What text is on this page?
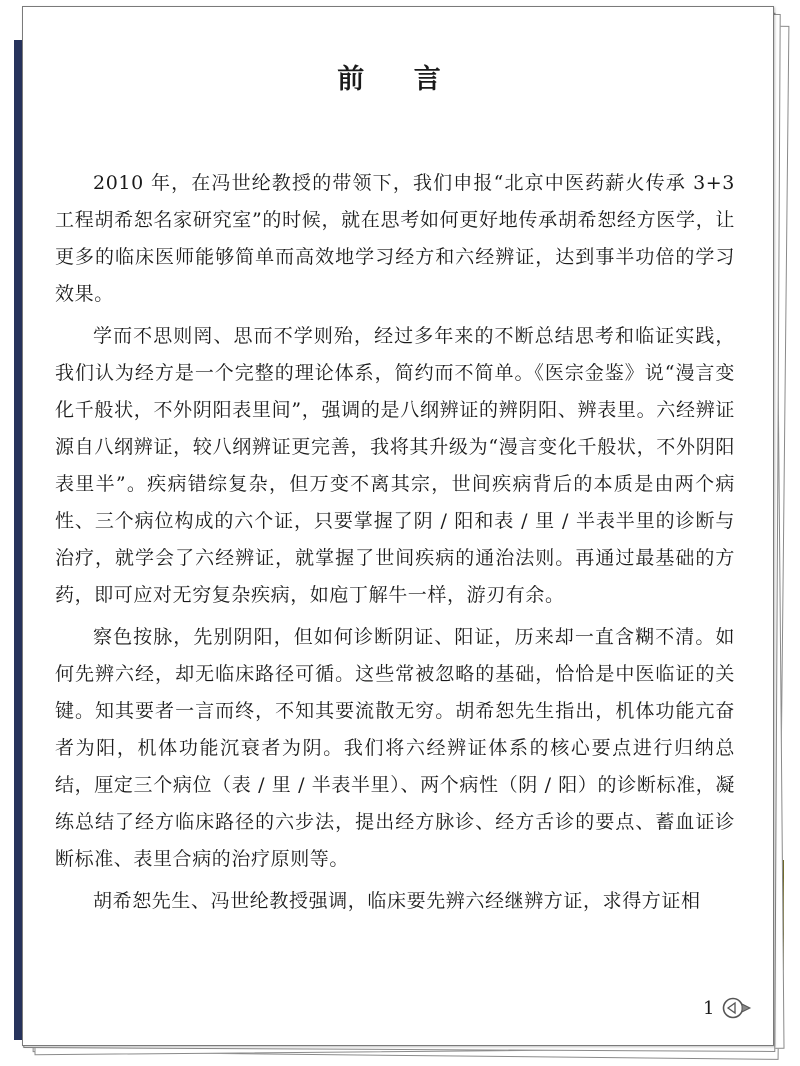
前 言

2010 年，在冯世纶教授的带领下，我们申报“北京中医药薪火传承 3+3 工程胡希恕名家研究室”的时候，就在思考如何更好地传承胡希恕经方医学，让更多的临床医师能够简单而高效地学习经方和六经辨证，达到事半功倍的学习效果。

学而不思则罔、思而不学则殆，经过多年来的不断总结思考和临证实践，我们认为经方是一个完整的理论体系，简约而不简单。《医宗金鉴》说“漫言变化千般状，不外阴阳表里间”，强调的是八纲辨证的辨阴阳、辨表里。六经辨证源自八纲辨证，较八纲辨证更完善，我将其升级为“漫言变化千般状，不外阴阳表里半”。疾病错综复杂，但万变不离其宗，世间疾病背后的本质是由两个病性、三个病位构成的六个证，只要掌握了阴 / 阳和表 / 里 / 半表半里的诊断与治疗，就学会了六经辨证，就掌握了世间疾病的通治法则。再通过最基础的方药，即可应对无穷复杂疾病，如庖丁解牛一样，游刃有余。

察色按脉，先别阴阳，但如何诊断阴证、阳证，历来却一直含糊不清。如何先辨六经，却无临床路径可循。这些常被忽略的基础，恰恰是中医临证的关键。知其要者一言而终，不知其要流散无穷。胡希恕先生指出，机体功能亢奋者为阳，机体功能沉衰者为阴。我们将六经辨证体系的核心要点进行归纳总结，厘定三个病位（表 / 里 / 半表半里）、两个病性（阴 / 阳）的诊断标准，凝练总结了经方临床路径的六步法，提出经方脉诊、经方舌诊的要点、蓄血证诊断标准、表里合病的治疗原则等。

胡希恕先生、冯世纶教授强调，临床要先辨六经继辨方证，求得方证相

1
